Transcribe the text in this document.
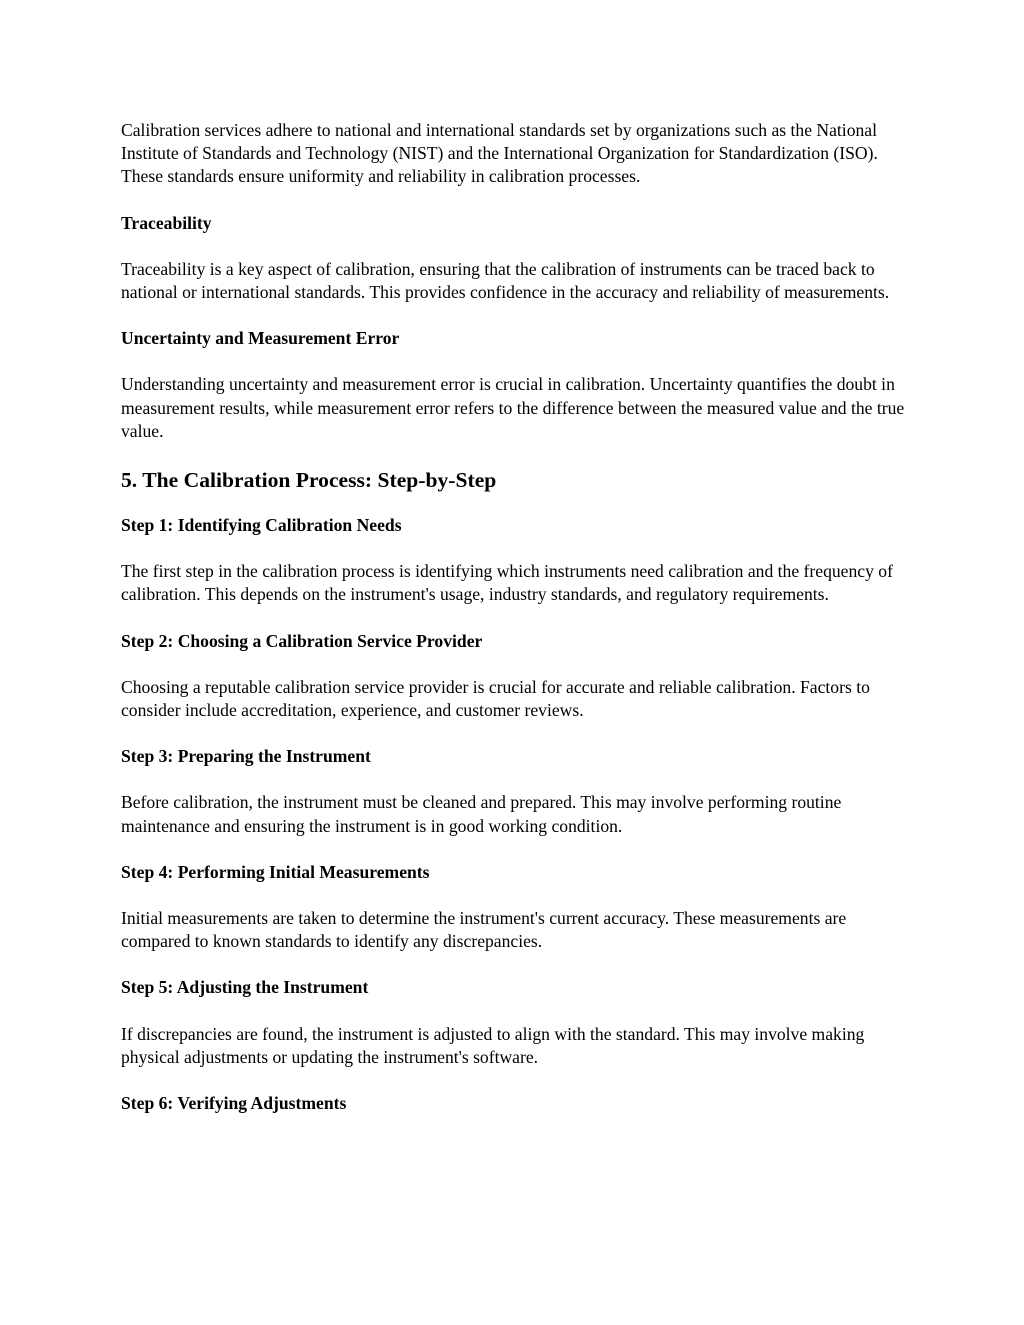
Calibration services adhere to national and international standards set by organizations such as the National Institute of Standards and Technology (NIST) and the International Organization for Standardization (ISO). These standards ensure uniformity and reliability in calibration processes.

Traceability

Traceability is a key aspect of calibration, ensuring that the calibration of instruments can be traced back to national or international standards. This provides confidence in the accuracy and reliability of measurements.

Uncertainty and Measurement Error

Understanding uncertainty and measurement error is crucial in calibration. Uncertainty quantifies the doubt in measurement results, while measurement error refers to the difference between the measured value and the true value.

5. The Calibration Process: Step-by-Step

Step 1: Identifying Calibration Needs

The first step in the calibration process is identifying which instruments need calibration and the frequency of calibration. This depends on the instrument's usage, industry standards, and regulatory requirements.

Step 2: Choosing a Calibration Service Provider

Choosing a reputable calibration service provider is crucial for accurate and reliable calibration. Factors to consider include accreditation, experience, and customer reviews.

Step 3: Preparing the Instrument

Before calibration, the instrument must be cleaned and prepared. This may involve performing routine maintenance and ensuring the instrument is in good working condition.

Step 4: Performing Initial Measurements

Initial measurements are taken to determine the instrument's current accuracy. These measurements are compared to known standards to identify any discrepancies.

Step 5: Adjusting the Instrument

If discrepancies are found, the instrument is adjusted to align with the standard. This may involve making physical adjustments or updating the instrument's software.

Step 6: Verifying Adjustments
